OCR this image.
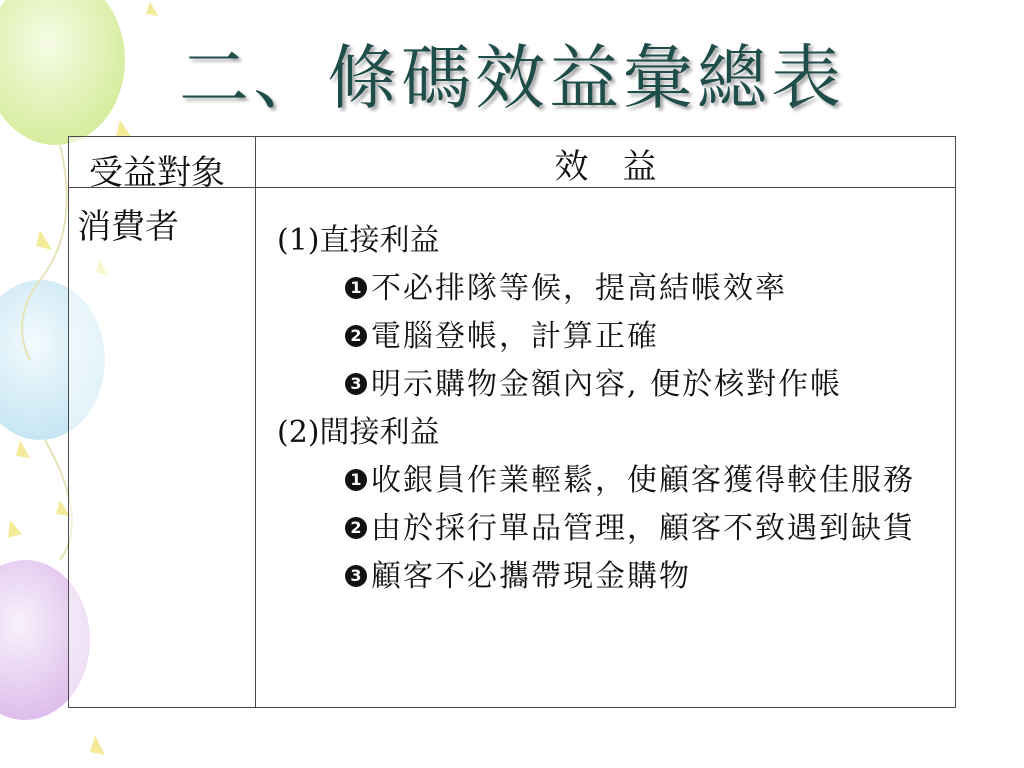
二、條碼效益彙總表
受益對象	效　益
消費者	(1)直接利益
1 不必排隊等候，提高結帳效率
2 電腦登帳，計算正確
3 明示購物金額內容, 便於核對作帳
(2)間接利益
1 收銀員作業輕鬆，使顧客獲得較佳服務
2 由於採行單品管理，顧客不致遇到缺貨
3 顧客不必攜帶現金購物
